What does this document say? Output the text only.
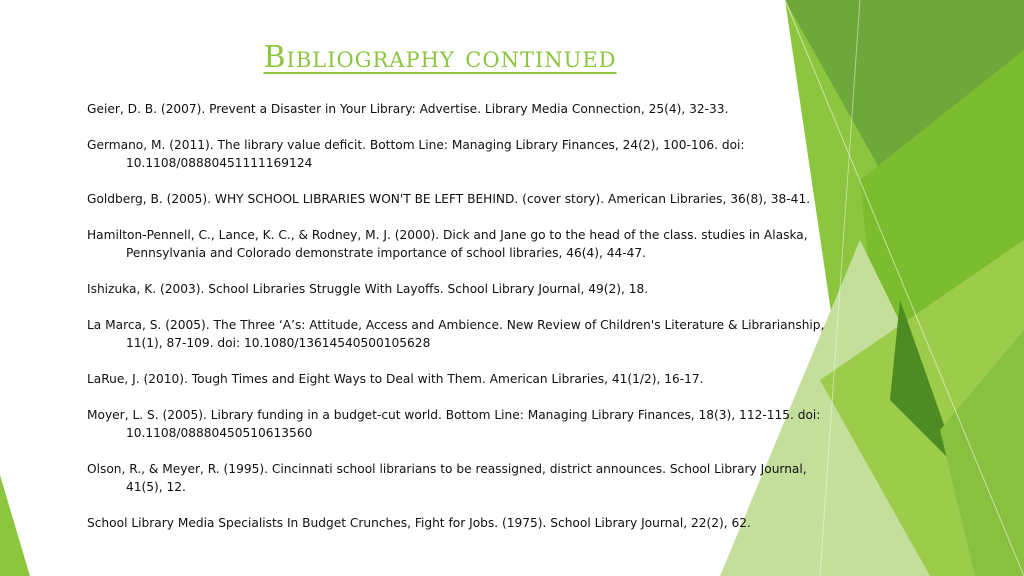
Bibliography continued
Geier, D. B. (2007). Prevent a Disaster in Your Library: Advertise. Library Media Connection, 25(4), 32-33.
Germano, M. (2011). The library value deficit. Bottom Line: Managing Library Finances, 24(2), 100-106. doi: 10.1108/08880451111169124
Goldberg, B. (2005). WHY SCHOOL LIBRARIES WON'T BE LEFT BEHIND. (cover story). American Libraries, 36(8), 38-41.
Hamilton-Pennell, C., Lance, K. C., & Rodney, M. J. (2000). Dick and Jane go to the head of the class. studies in Alaska, Pennsylvania and Colorado demonstrate importance of school libraries, 46(4), 44-47.
Ishizuka, K. (2003). School Libraries Struggle With Layoffs. School Library Journal, 49(2), 18.
La Marca, S. (2005). The Three ‘A’s: Attitude, Access and Ambience. New Review of Children's Literature & Librarianship, 11(1), 87-109. doi: 10.1080/13614540500105628
LaRue, J. (2010). Tough Times and Eight Ways to Deal with Them. American Libraries, 41(1/2), 16-17.
Moyer, L. S. (2005). Library funding in a budget-cut world. Bottom Line: Managing Library Finances, 18(3), 112-115. doi: 10.1108/08880450510613560
Olson, R., & Meyer, R. (1995). Cincinnati school librarians to be reassigned, district announces. School Library Journal, 41(5), 12.
School Library Media Specialists In Budget Crunches, Fight for Jobs. (1975). School Library Journal, 22(2), 62.
